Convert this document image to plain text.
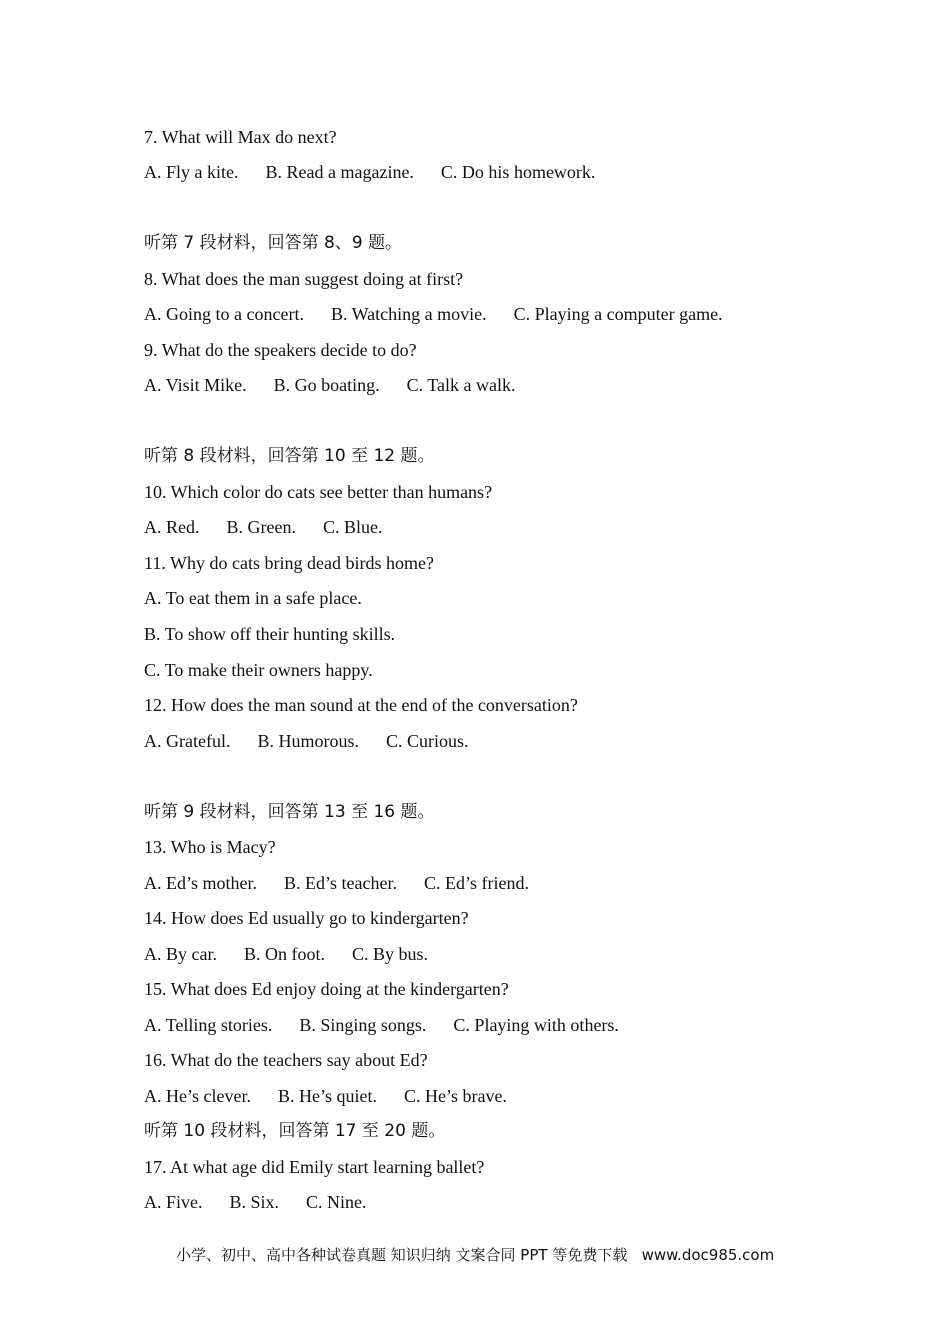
7. What will Max do next?
A. Fly a kite.      B. Read a magazine.      C. Do his homework.
听第 7 段材料，回答第 8、9 题。
8. What does the man suggest doing at first?
A. Going to a concert.      B. Watching a movie.      C. Playing a computer game.
9. What do the speakers decide to do?
A. Visit Mike.      B. Go boating.      C. Talk a walk.
听第 8 段材料，回答第 10 至 12 题。
10. Which color do cats see better than humans?
A. Red.      B. Green.      C. Blue.
11. Why do cats bring dead birds home?
A. To eat them in a safe place.
B. To show off their hunting skills.
C. To make their owners happy.
12. How does the man sound at the end of the conversation?
A. Grateful.      B. Humorous.      C. Curious.
听第 9 段材料，回答第 13 至 16 题。
13. Who is Macy?
A. Ed’s mother.      B. Ed’s teacher.      C. Ed’s friend.
14. How does Ed usually go to kindergarten?
A. By car.      B. On foot.      C. By bus.
15. What does Ed enjoy doing at the kindergarten?
A. Telling stories.      B. Singing songs.      C. Playing with others.
16. What do the teachers say about Ed?
A. He’s clever.      B. He’s quiet.      C. He’s brave.
听第 10 段材料，回答第 17 至 20 题。
17. At what age did Emily start learning ballet?
A. Five.      B. Six.      C. Nine.
小学、初中、高中各种试卷真题 知识归纳 文案合同 PPT 等免费下载   www.doc985.com
